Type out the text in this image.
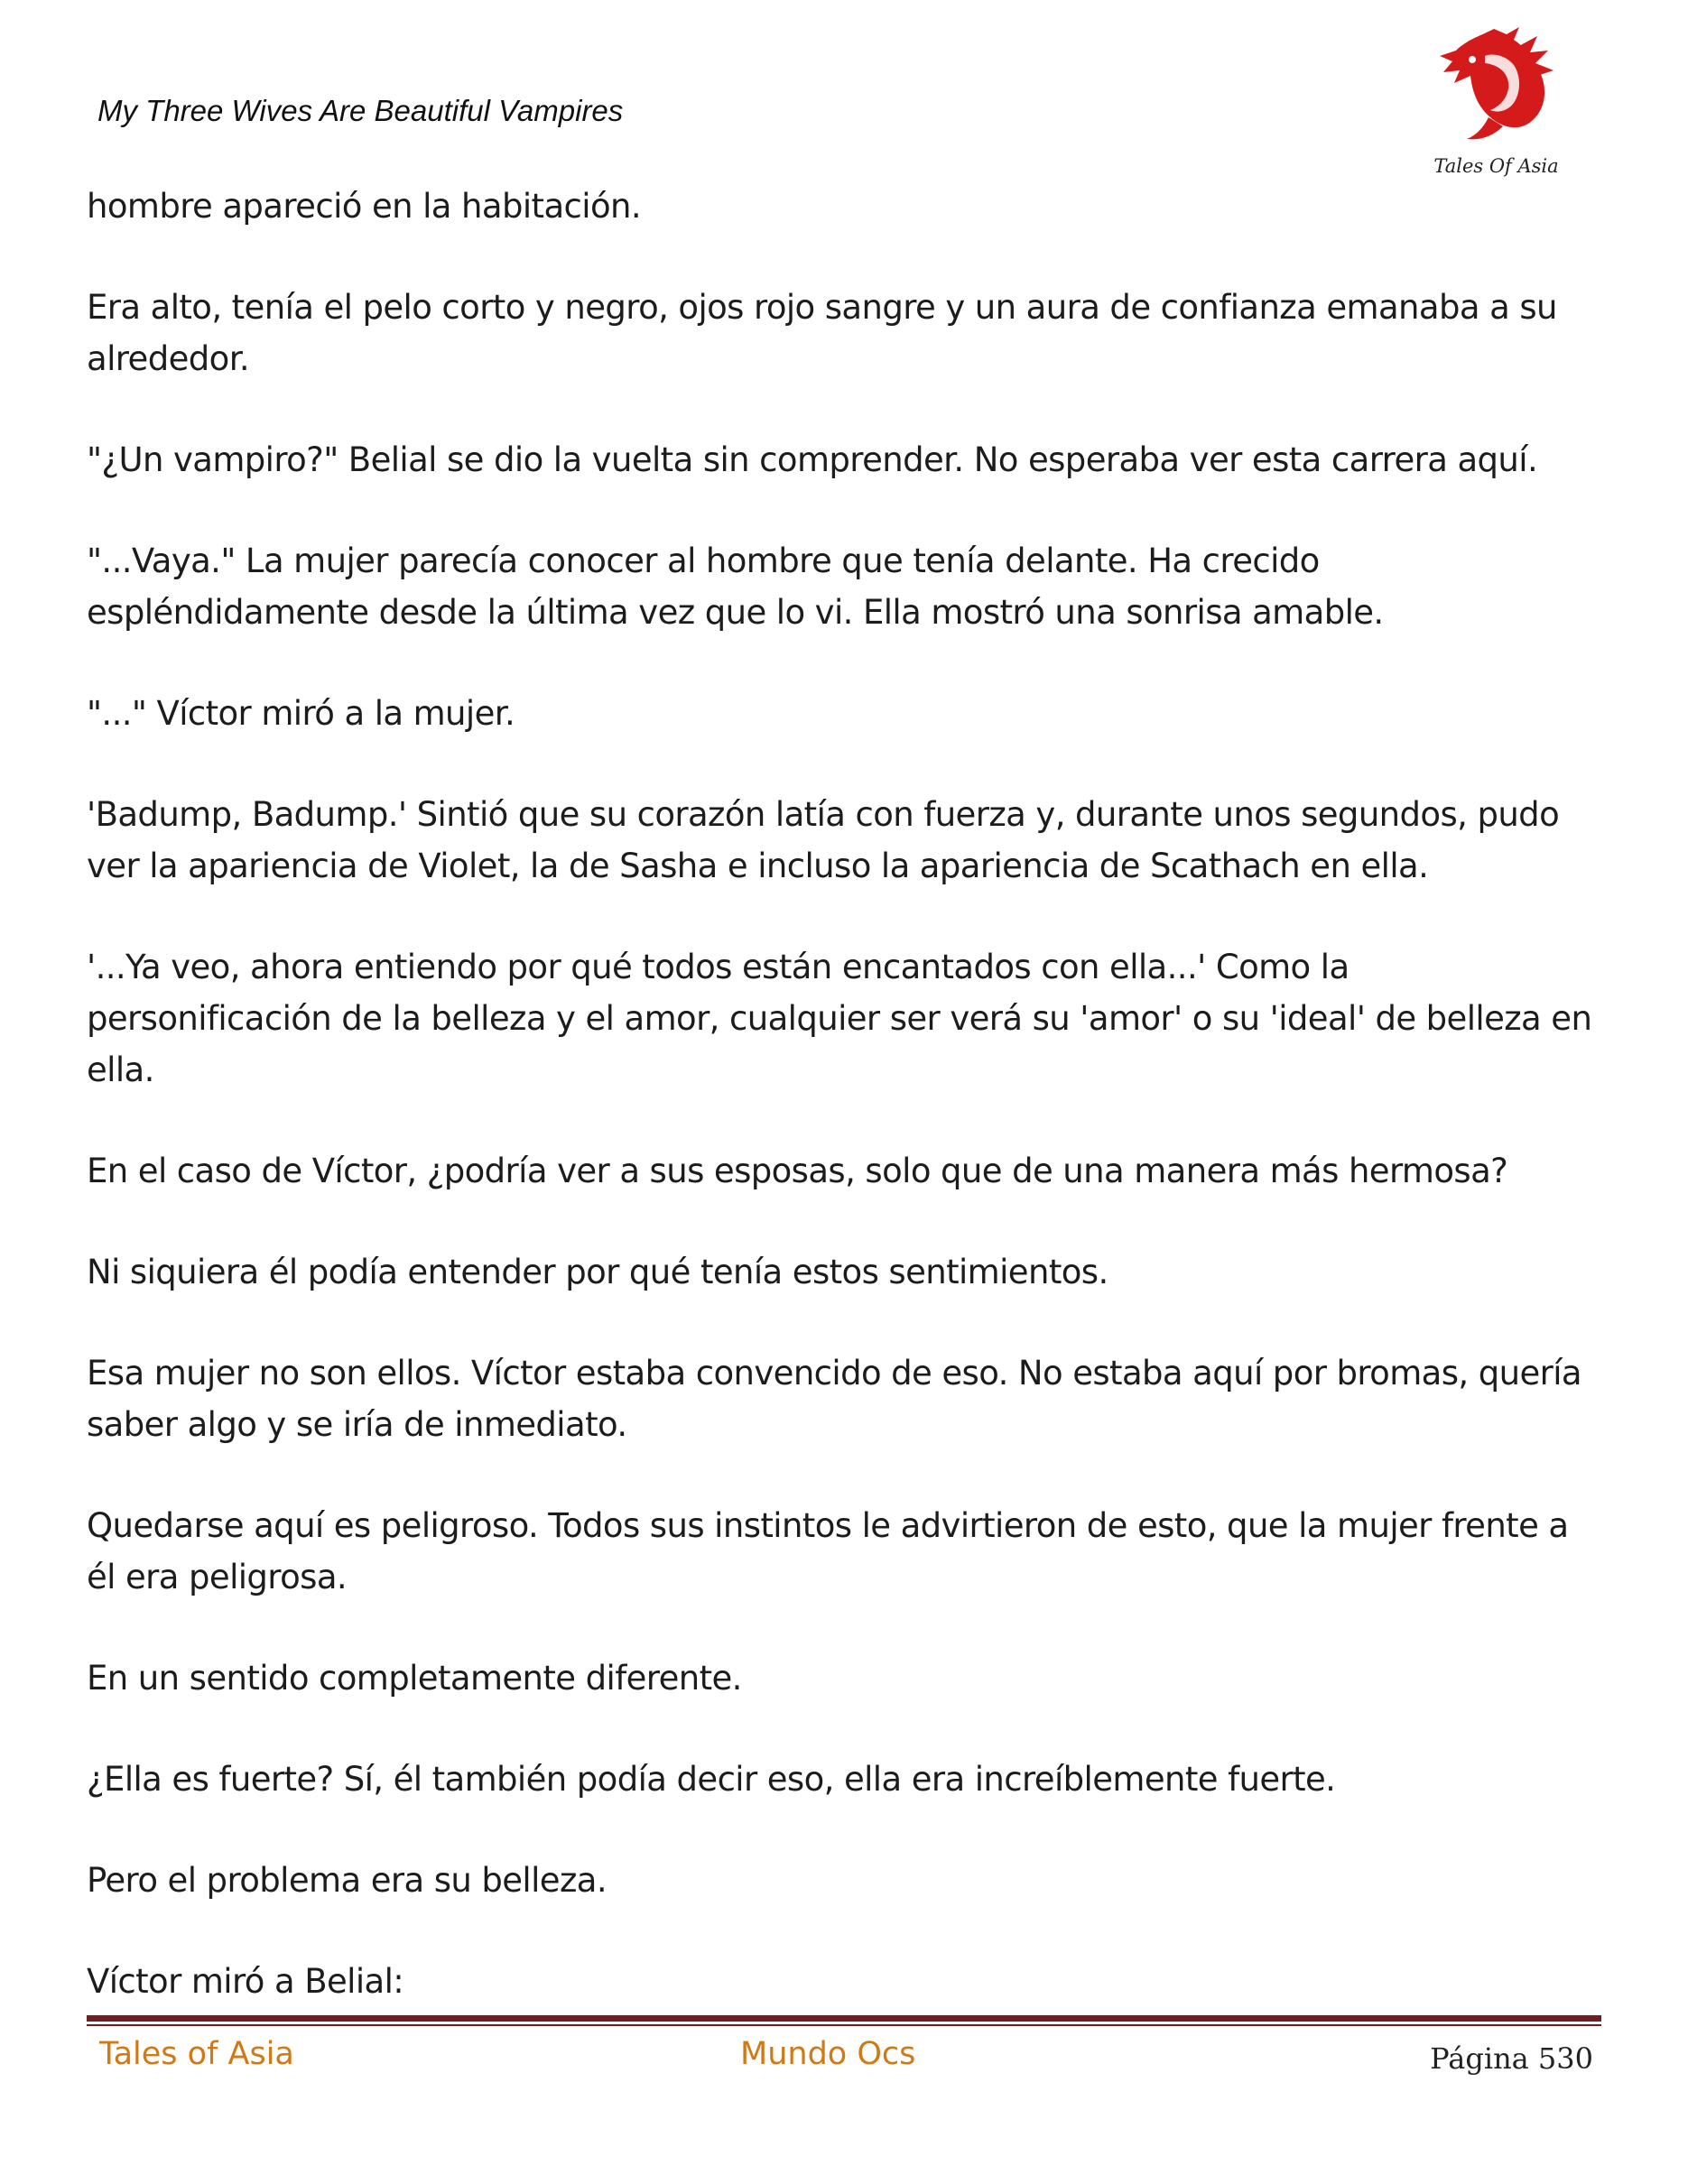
My Three Wives Are Beautiful Vampires
Tales Of Asia

hombre apareció en la habitación.

Era alto, tenía el pelo corto y negro, ojos rojo sangre y un aura de confianza emanaba a su alrededor.

"¿Un vampiro?" Belial se dio la vuelta sin comprender. No esperaba ver esta carrera aquí.

"...Vaya." La mujer parecía conocer al hombre que tenía delante. Ha crecido espléndidamente desde la última vez que lo vi. Ella mostró una sonrisa amable.

"..." Víctor miró a la mujer.

'Badump, Badump.' Sintió que su corazón latía con fuerza y, durante unos segundos, pudo ver la apariencia de Violet, la de Sasha e incluso la apariencia de Scathach en ella.

'...Ya veo, ahora entiendo por qué todos están encantados con ella...' Como la personificación de la belleza y el amor, cualquier ser verá su 'amor' o su 'ideal' de belleza en ella.

En el caso de Víctor, ¿podría ver a sus esposas, solo que de una manera más hermosa?

Ni siquiera él podía entender por qué tenía estos sentimientos.

Esa mujer no son ellos. Víctor estaba convencido de eso. No estaba aquí por bromas, quería saber algo y se iría de inmediato.

Quedarse aquí es peligroso. Todos sus instintos le advirtieron de esto, que la mujer frente a él era peligrosa.

En un sentido completamente diferente.

¿Ella es fuerte? Sí, él también podía decir eso, ella era increíblemente fuerte.

Pero el problema era su belleza.

Víctor miró a Belial:

Tales of Asia	Mundo Ocs	Página 530
